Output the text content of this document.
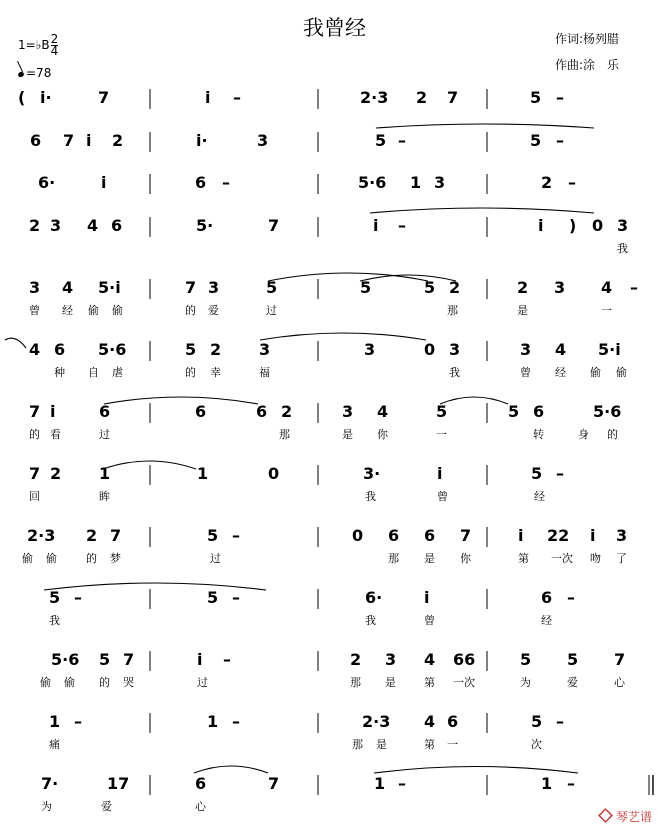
我曾经	作词:杨列腊
作曲:涂　乐
1=♭B $\frac{2}{4}$
=78
( i·	7	i –	2·3 2 7	5 –
6 7 i 2	i·	3	5 –	5 –
6·	i	6 –	5·6 1 3	2 –
2 3 4 6	5·	7	i –	i ) 0 3
我
3 4 5·i	7 3	5	5	5 2	2 3 4 –
曾 经 偷 偷	的 爱	过	那	是	一
4 6 5·6	5 2 3	3	0 3	3 4 5·i
种 自 虐	的 幸	福	我	曾 经 偷 偷
7 i	6	6	6 2	3 4	5	5 6	5·6
的 看	过	那	是 你	一	转	身 的
7 2 1	1	0	3·	i	5 –
回	眸	我	曾	经
2·3 2 7	5 –	0 6 6 7	i 22 i 3
偷 偷	的 梦	过	那 是 你	第 一次 吻 了
5 –	5 –	6·	i	6 –
我	我	曾	经
5·6 5 7	i –	2 3 4 66	5 5 7
偷 偷 的 哭	过	那 是	第 一次	为	爱	心
1 –	1 –	2·3 4 6	5 –
痛	那 是	第 一	次
7·	17	6	7	1 –	1 –
为	爱	心
琴艺谱
